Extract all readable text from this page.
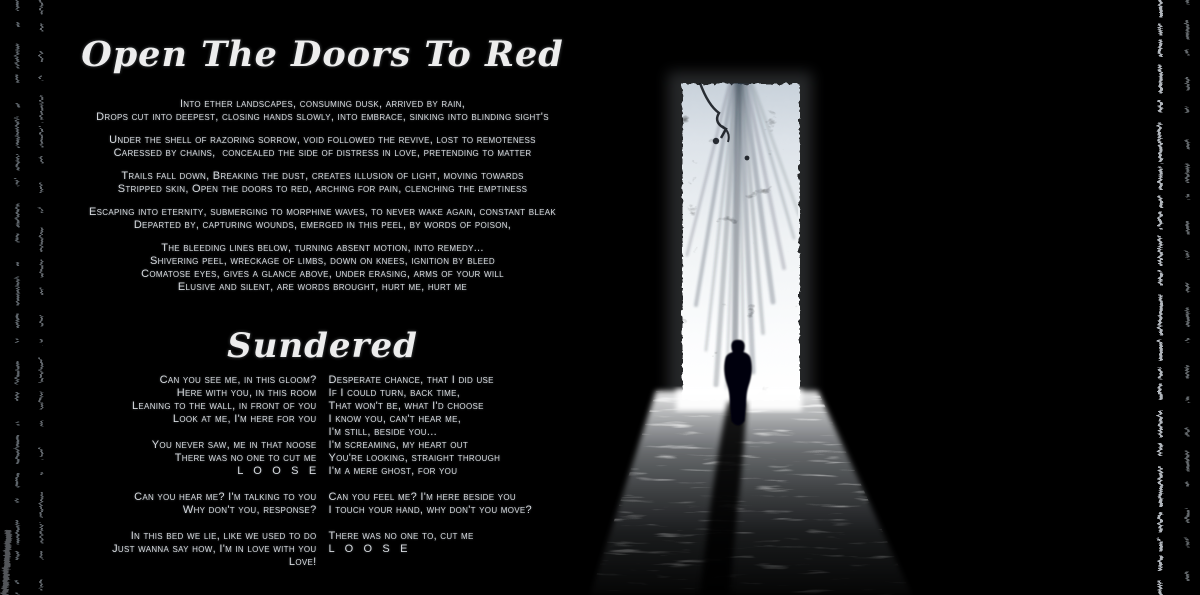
Open The Doors To Red
Into ether landscapes, consuming dusk, arrived by rain,
Drops cut into deepest, closing hands slowly, into embrace, sinking into blinding sight's
Under the shell of razoring sorrow, void followed the revive, lost to remoteness
Caressed by chains,  concealed the side of distress in love, pretending to matter
Trails fall down, Breaking the dust, creates illusion of light, moving towards
Stripped skin, Open the doors to red, arching for pain, clenching the emptiness
Escaping into eternity, submerging to morphine waves, to never wake again, constant bleak
Departed by, capturing wounds, emerged in this peel, by words of poison,
The bleeding lines below, turning absent motion, into remedy...
Shivering peel, wreckage of limbs, down on knees, ignition by bleed
Comatose eyes, gives a glance above, under erasing, arms of your will
Elusive and silent, are words brought, hurt me, hurt me
Sundered
Can you see me, in this gloom?
Here with you, in this room
Leaning to the wall, in front of you
Look at me, I'm here for you
You never saw, me in that noose
There was no one to cut me
L   O   O   S   E
Can you hear me? I'm talking to you
Why don't you, response?
In this bed we lie, like we used to do
Just wanna say how, I'm in love with you
Love!
Desperate chance, that I did use
If I could turn, back time,
That won't be, what I'd choose
I know you, can't hear me,
I'm still, beside you...
I'm screaming, my heart out
You're looking, straight through
I'm a mere ghost, for you
Can you feel me? I'm here beside you
I touch your hand, why don't you move?
There was no one to, cut me
L   O   O   S   E
